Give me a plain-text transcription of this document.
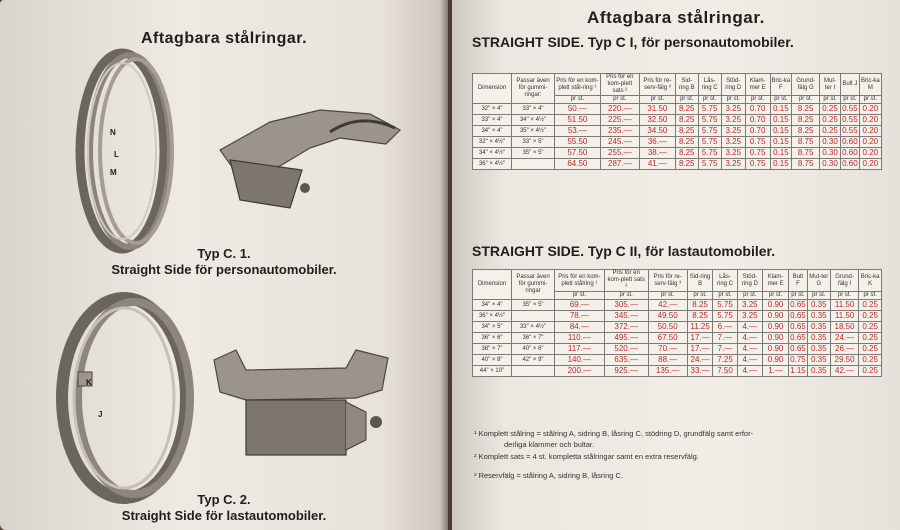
Aftagbara stålringar.
N
L
M
Typ C. 1.
Straight Side för personautomobiler.
K
J
Typ C. 2.
Straight Side för lastautomobiler.
Aftagbara stålringar.
STRAIGHT SIDE. Typ C I, för personautomobiler.
Dimension	Passar även för gummi-ringar:	Pris för en kom-plett stål-ring ¹	Pris för en kom-plett sats ²	Pris för re-serv-fälg ³	Sid-ring B	Lås-ring C	Stöd-ring D	Klam-mer E	Bric-ka F	Grund-fälg G	Mut-ter I	Bult J	Bric-ka M
		pr st.	pr st.	pr st.	pr st.	pr st.	pr st.	pr st.	pr st.	pr st.	pr st.	pr st.	pr st.
32" × 4"	33" × 4"	50.—	220.—	31.50	8.25	5.75	3.25	0.70	0.15	8.25	0.25	0.55	0.20
33" × 4"	34" × 4½"	51.50	225.—	32.50	8.25	5.75	3.25	0.70	0.15	8.25	0.25	0.55	0.20
34" × 4"	35" × 4½"	53.—	235.—	34.50	8.25	5.75	3.25	0.70	0.15	8.25	0.25	0.55	0.20
32" × 4½"	33" × 5"	55.50	245.—	36.—	8.25	5.75	3.25	0.75	0.15	8.75	0.30	0.60	0.20
34" × 4½"	35" × 5"	57.50	255.—	38.—	8.25	5.75	3.25	0.75	0.15	8.75	0.30	0.60	0.20
36" × 4½"		64.50	287.—	41.—	8.25	5.75	3.25	0.75	0.15	8.75	0.30	0.60	0.20
STRAIGHT SIDE. Typ C II, för lastautomobiler.
Dimension	Passar även för gummi-ringar	Pris för en kom-plett stålring ¹	Pris för en kom-plett sats ²	Pris för re-serv-fälg ³	Sid-ring B	Lås-ring C	Stöd-ring D	Klam-mer E	Bult F	Mut-ter G	Grund-fälg I	Bric-ka K
		pr st.	pr st.	pr st.	pr st.	pr st.	pr st.	pr st.	pr st.	pr st.	pr st.	pr st.
34" × 4"	35" × 5"	69.—	305.—	42.—	8.25	5.75	3.25	0.90	0.65	0.35	11.50	0.25
36" × 4½"		78.—	345.—	49.50	8.25	5.75	3.25	0.90	0.65	0.35	11.50	0.25
34" × 5"	33" × 4½"	84.—	372.—	50.50	11.25	6.—	4.—	0.90	0.65	0.35	18.50	0.25
36" × 6"	36" × 7"	110.—	495.—	67.50	17.—	7.—	4.—	0.90	0.65	0.35	24.—	0.25
38" × 7"	40" × 6"	117.—	520.—	70.—	17.—	7.—	4.—	0.90	0.65	0.35	26.—	0.25
40" × 8"	42" × 9"	140.—	635.—	88.—	24.—	7.25	4.—	0.90	0.75	0.35	29.50	0.25
44" × 10"		200.—	925.—	135.—	33.—	7.50	4.—	1.—	1.15	0.35	42.—	0.25
¹ Komplett stålring = stålring A, sidring B, låsring C, stödring D, grundfälg samt erfor-
derliga klammer och bultar.
² Komplett sats = 4 st. kompletta stålringar samt en extra reservfälg.
³ Reservfälg = stålring A, sidring B, låsring C.
